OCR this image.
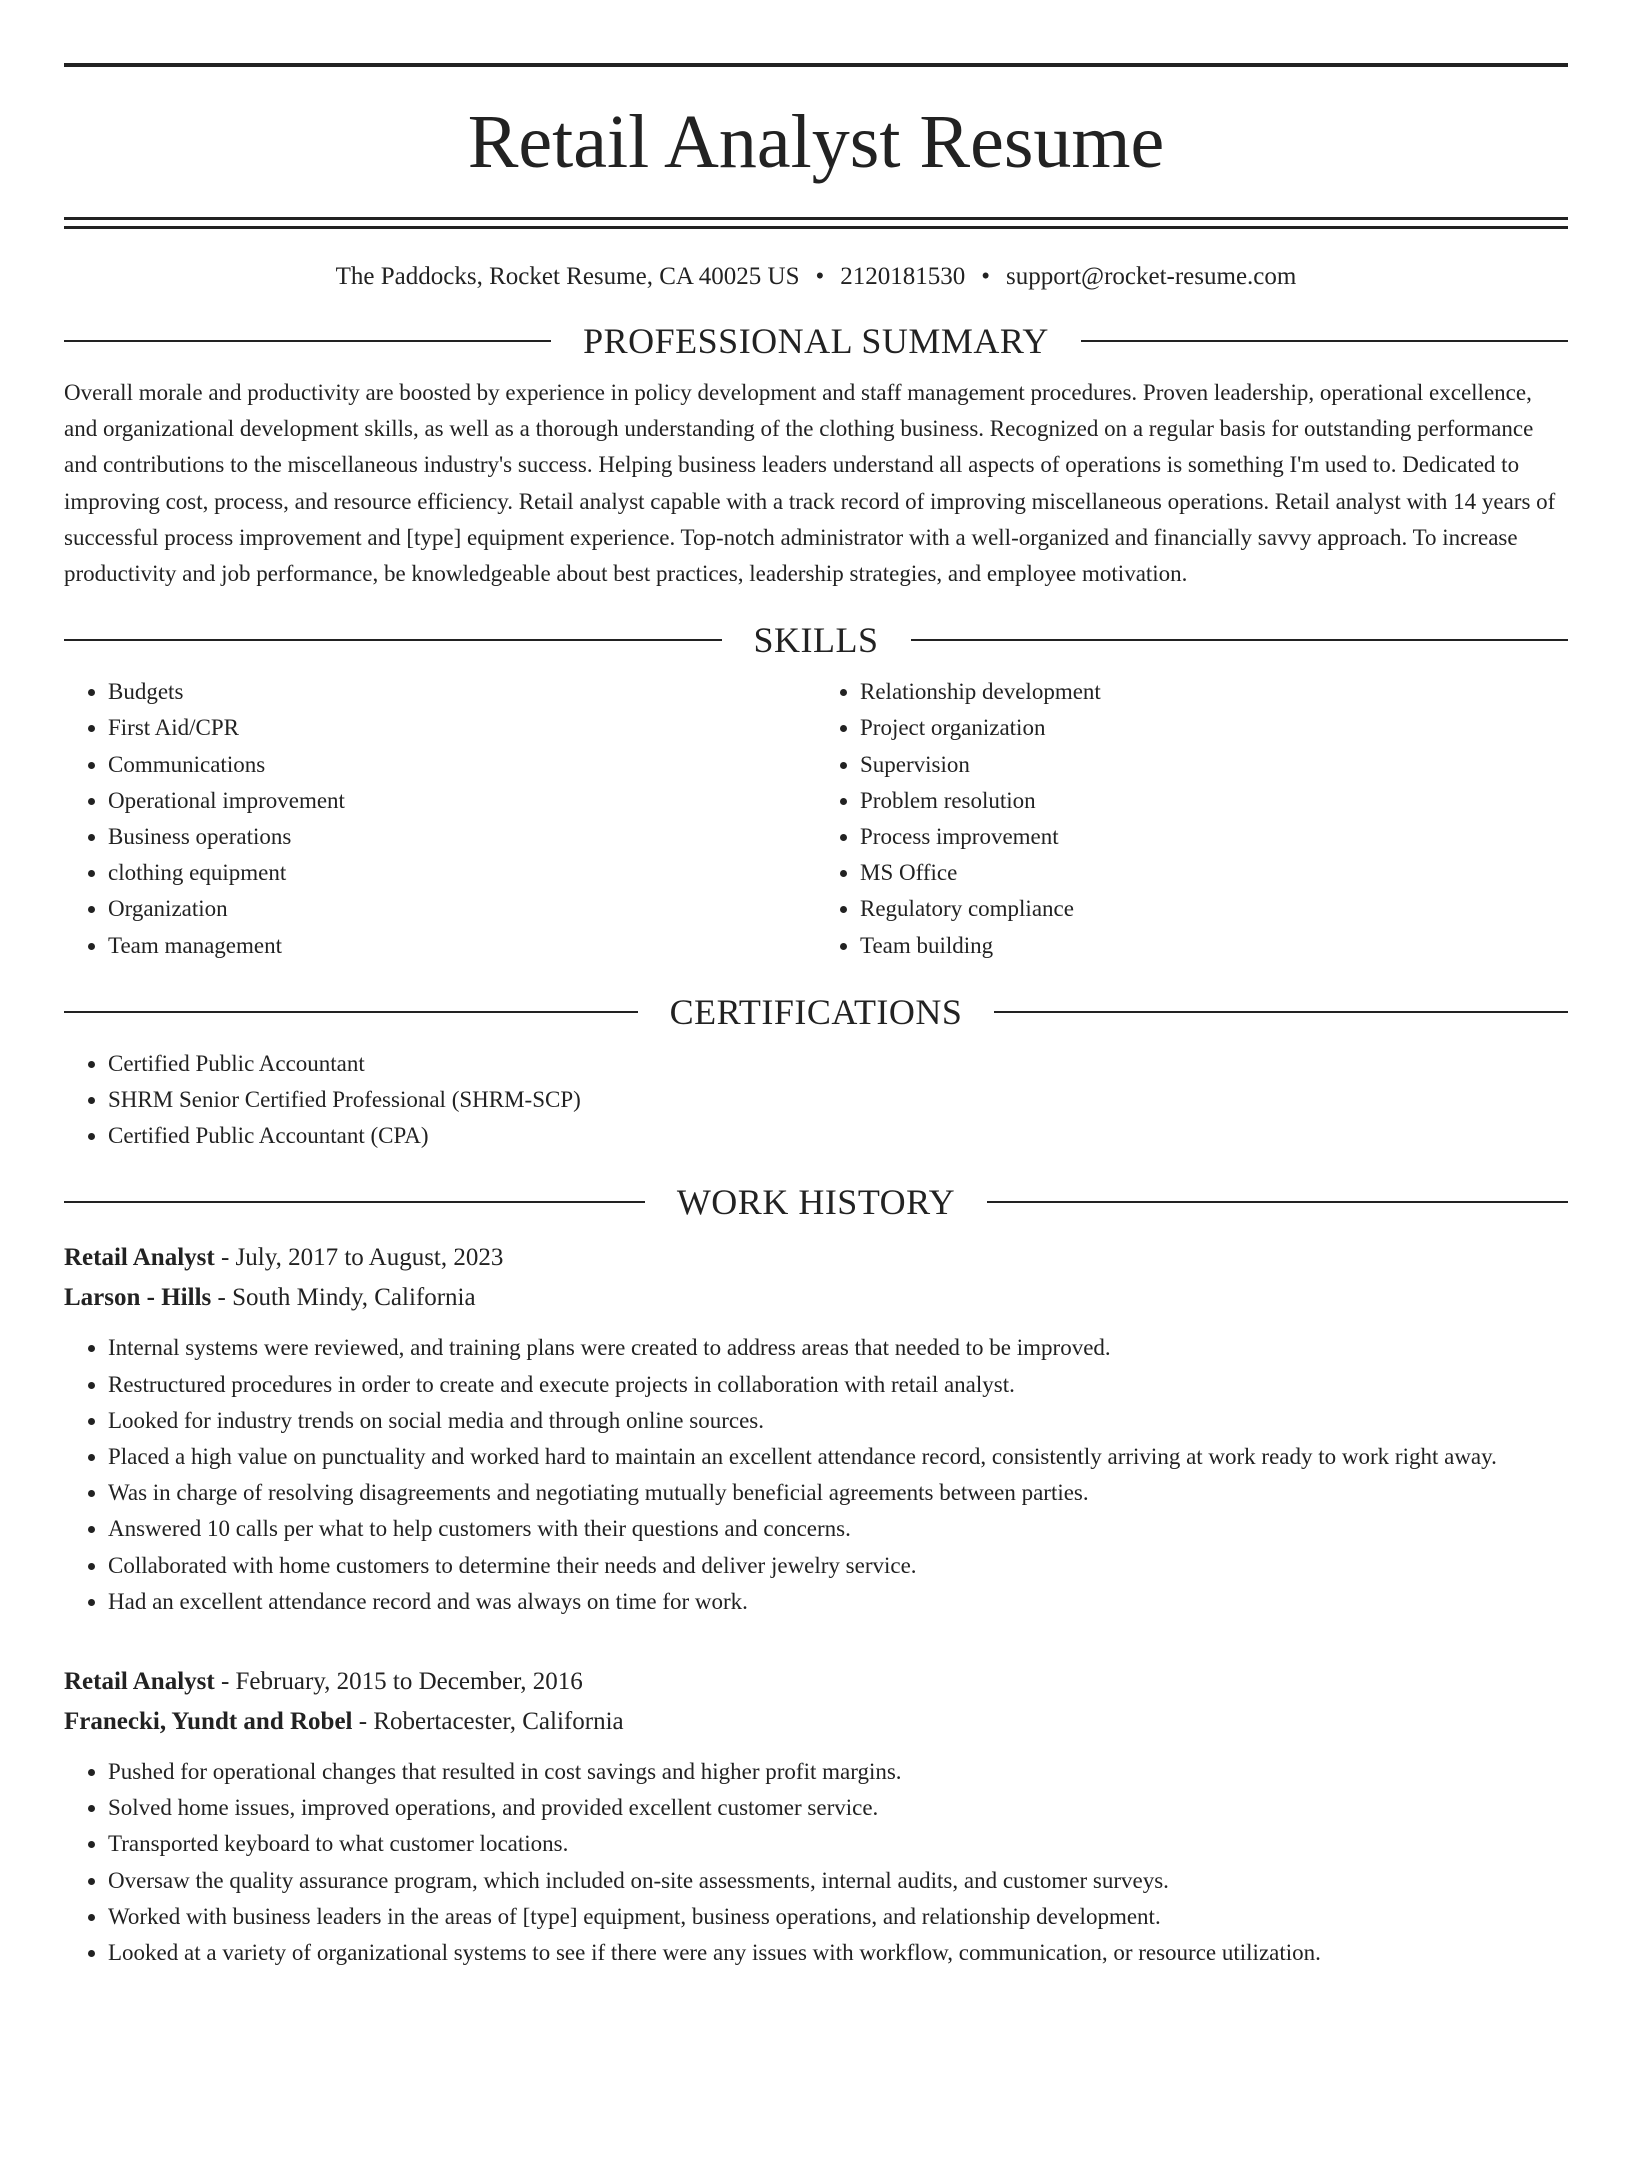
Retail Analyst Resume
The Paddocks, Rocket Resume, CA 40025 US • 2120181530 • support@rocket-resume.com
PROFESSIONAL SUMMARY
Overall morale and productivity are boosted by experience in policy development and staff management procedures. Proven leadership, operational excellence, and organizational development skills, as well as a thorough understanding of the clothing business. Recognized on a regular basis for outstanding performance and contributions to the miscellaneous industry's success. Helping business leaders understand all aspects of operations is something I'm used to. Dedicated to improving cost, process, and resource efficiency. Retail analyst capable with a track record of improving miscellaneous operations. Retail analyst with 14 years of successful process improvement and [type] equipment experience. Top-notch administrator with a well-organized and financially savvy approach. To increase productivity and job performance, be knowledgeable about best practices, leadership strategies, and employee motivation.
SKILLS
• Budgets
• First Aid/CPR
• Communications
• Operational improvement
• Business operations
• clothing equipment
• Organization
• Team management
• Relationship development
• Project organization
• Supervision
• Problem resolution
• Process improvement
• MS Office
• Regulatory compliance
• Team building
CERTIFICATIONS
• Certified Public Accountant
• SHRM Senior Certified Professional (SHRM-SCP)
• Certified Public Accountant (CPA)
WORK HISTORY
Retail Analyst - July, 2017 to August, 2023
Larson - Hills - South Mindy, California
• Internal systems were reviewed, and training plans were created to address areas that needed to be improved.
• Restructured procedures in order to create and execute projects in collaboration with retail analyst.
• Looked for industry trends on social media and through online sources.
• Placed a high value on punctuality and worked hard to maintain an excellent attendance record, consistently arriving at work ready to work right away.
• Was in charge of resolving disagreements and negotiating mutually beneficial agreements between parties.
• Answered 10 calls per what to help customers with their questions and concerns.
• Collaborated with home customers to determine their needs and deliver jewelry service.
• Had an excellent attendance record and was always on time for work.
Retail Analyst - February, 2015 to December, 2016
Franecki, Yundt and Robel - Robertacester, California
• Pushed for operational changes that resulted in cost savings and higher profit margins.
• Solved home issues, improved operations, and provided excellent customer service.
• Transported keyboard to what customer locations.
• Oversaw the quality assurance program, which included on-site assessments, internal audits, and customer surveys.
• Worked with business leaders in the areas of [type] equipment, business operations, and relationship development.
• Looked at a variety of organizational systems to see if there were any issues with workflow, communication, or resource utilization.
